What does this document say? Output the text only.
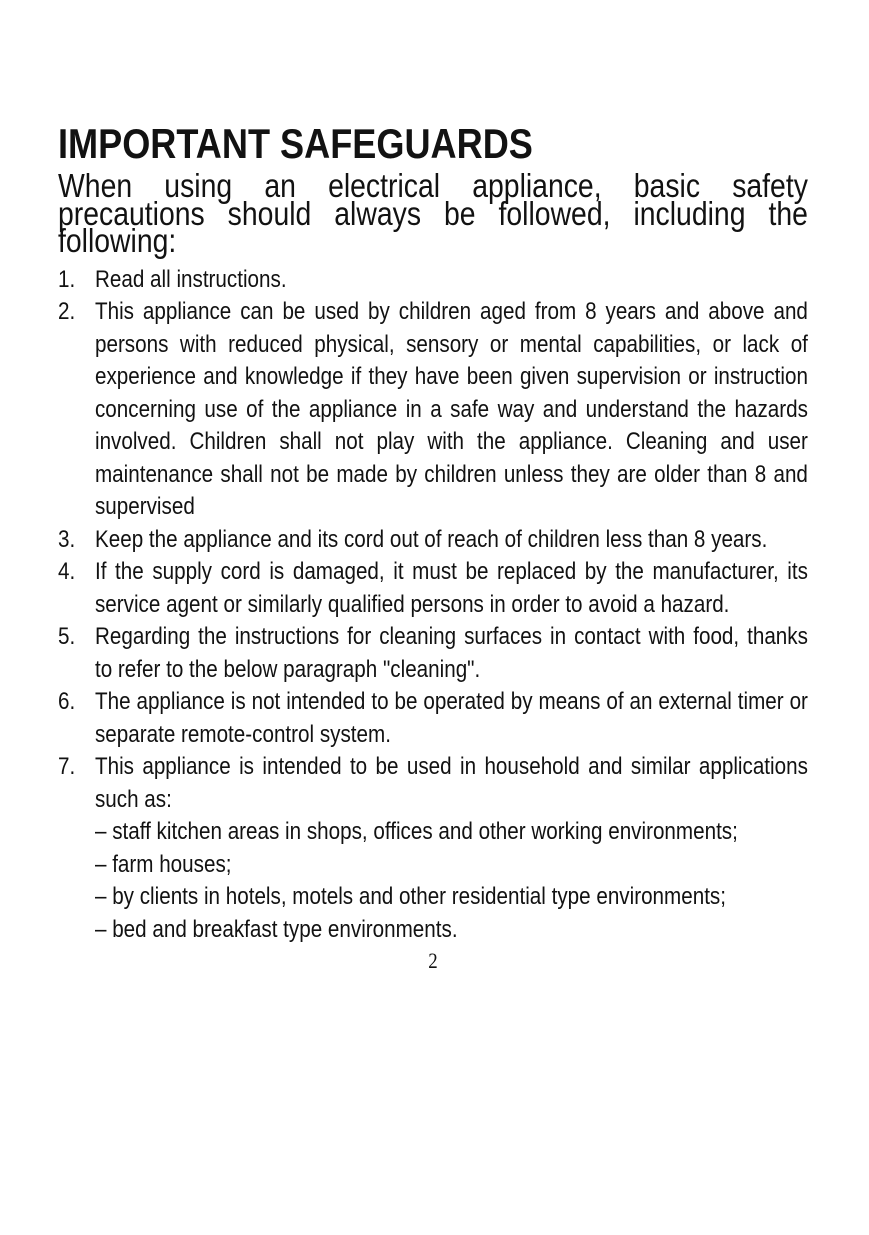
IMPORTANT SAFEGUARDS

When using an electrical appliance, basic safety precautions should always be followed, including the following:

1. Read all instructions.
2. This appliance can be used by children aged from 8 years and above and persons with reduced physical, sensory or mental capabilities, or lack of experience and knowledge if they have been given supervision or instruction concerning use of the appliance in a safe way and understand the hazards involved. Children shall not play with the appliance. Cleaning and user maintenance shall not be made by children unless they are older than 8 and supervised
3. Keep the appliance and its cord out of reach of children less than 8 years.
4. If the supply cord is damaged, it must be replaced by the manufacturer, its service agent or similarly qualified persons in order to avoid a hazard.
5. Regarding the instructions for cleaning surfaces in contact with food, thanks to refer to the below paragraph "cleaning".
6. The appliance is not intended to be operated by means of an external timer or separate remote-control system.
7. This appliance is intended to be used in household and similar applications such as:

– staff kitchen areas in shops, offices and other working environments;

– farm houses;

– by clients in hotels, motels and other residential type environments;

– bed and breakfast type environments.

2
